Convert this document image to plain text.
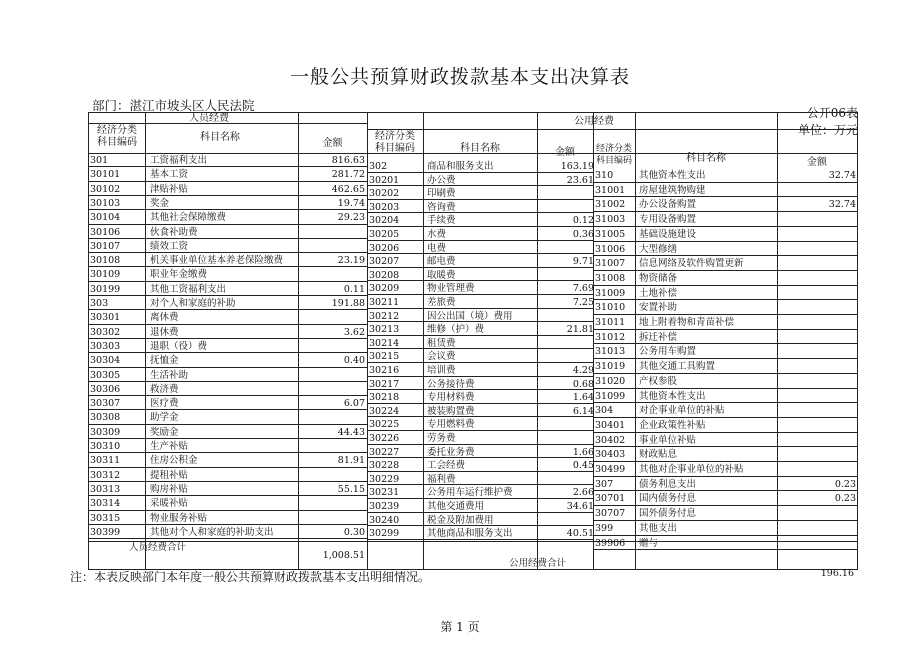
一般公共预算财政拨款基本支出决算表
部门：湛江市坡头区人民法院	公开06表
单位：万元
人员经费	公用经费
经济分类
科目编码	科目名称
金额
经济分类
科目编码	科目名称	金额	经济分类
科目编码	科目名称	金额
301	工资福利支出	816.63
30101	基本工资	281.72
30102	津贴补贴	462.65
30103	奖金	19.74
30104	其他社会保障缴费	29.23
30106	伙食补助费
30107	绩效工资
30108	机关事业单位基本养老保险缴费	23.19
30109	职业年金缴费
30199	其他工资福利支出	0.11
303	对个人和家庭的补助	191.88
30301	离休费
30302	退休费	3.62
30303	退职（役）费
30304	抚恤金	0.40
30305	生活补助
30306	救济费
30307	医疗费	6.07
30308	助学金
30309	奖励金	44.43
30310	生产补贴
30311	住房公积金	81.91
30312	提租补贴
30313	购房补贴	55.15
30314	采暖补贴
30315	物业服务补贴
30399	其他对个人和家庭的补助支出	0.30
302	商品和服务支出	163.19
30201	办公费	23.61
30202	印刷费
30203	咨询费
30204	手续费	0.12
30205	水费	0.36
30206	电费
30207	邮电费	9.71
30208	取暖费
30209	物业管理费	7.69
30211	差旅费	7.25
30212	因公出国（境）费用
30213	维修（护）费	21.81
30214	租赁费
30215	会议费
30216	培训费	4.29
30217	公务接待费	0.68
30218	专用材料费	1.64
30224	被装购置费	6.14
30225	专用燃料费
30226	劳务费
30227	委托业务费	1.66
30228	工会经费	0.45
30229	福利费
30231	公务用车运行维护费	2.66
30239	其他交通费用	34.61
30240	税金及附加费用
30299	其他商品和服务支出	40.51
310	其他资本性支出	32.74
31001	房屋建筑物购建
31002	办公设备购置	32.74
31003	专用设备购置
31005	基础设施建设
31006	大型修缮
31007	信息网络及软件购置更新
31008	物资储备
31009	土地补偿
31010	安置补助
31011	地上附着物和青苗补偿
31012	拆迁补偿
31013	公务用车购置
31019	其他交通工具购置
31020	产权参股
31099	其他资本性支出
304	对企事业单位的补贴
30401	企业政策性补贴
30402	事业单位补贴
30403	财政贴息
30499	其他对企事业单位的补贴
307	债务利息支出	0.23
30701	国内债务付息	0.23
30707	国外债务付息
399	其他支出
39906	赠与
人员经费合计
1,008.51
公用经费合计
196.16
注：本表反映部门本年度一般公共预算财政拨款基本支出明细情况。
第 1 页
